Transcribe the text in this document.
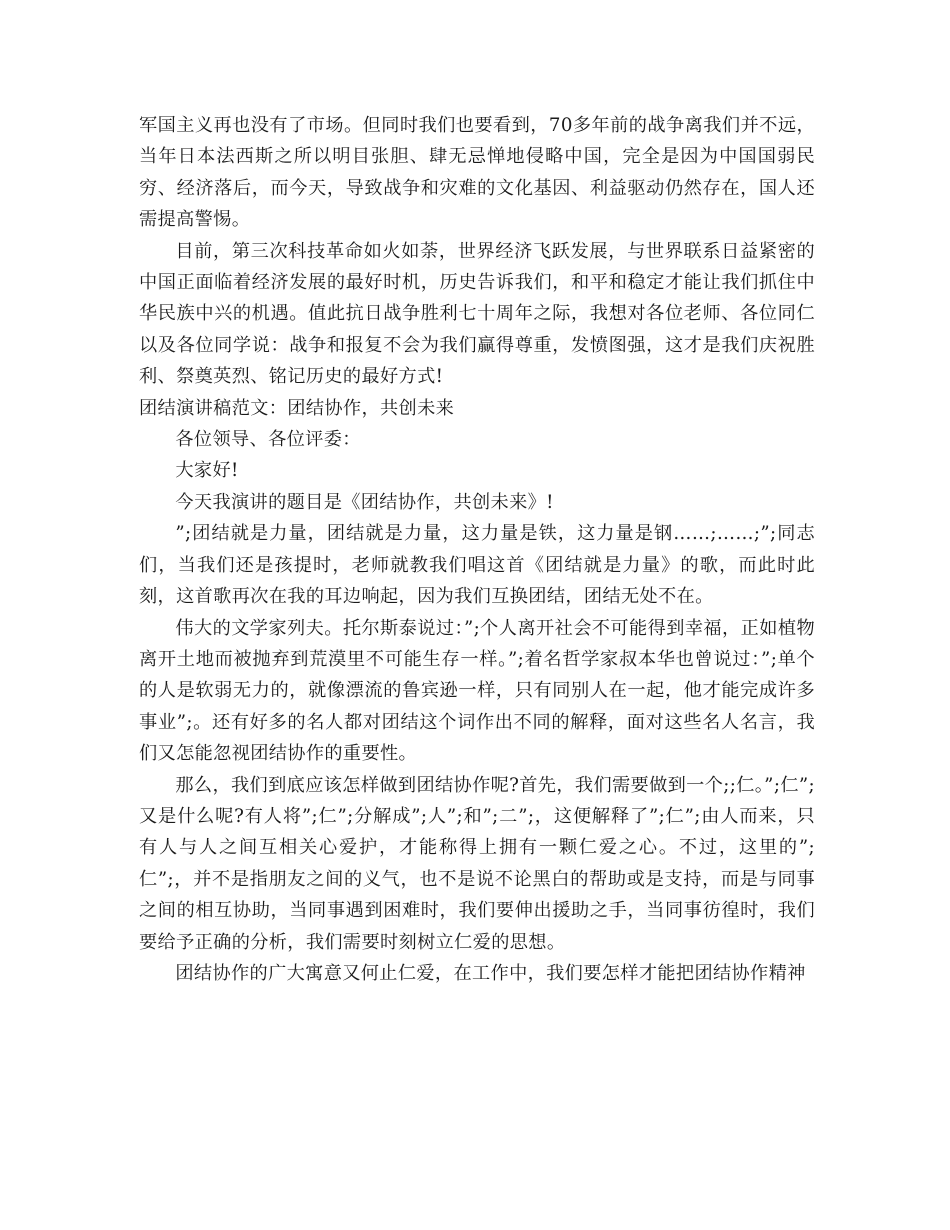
军国主义再也没有了市场。但同时我们也要看到，70多年前的战争离我们并不远，当年日本法西斯之所以明目张胆、肆无忌惮地侵略中国，完全是因为中国国弱民穷、经济落后，而今天，导致战争和灾难的文化基因、利益驱动仍然存在，国人还需提高警惕。

目前，第三次科技革命如火如荼，世界经济飞跃发展，与世界联系日益紧密的中国正面临着经济发展的最好时机，历史告诉我们，和平和稳定才能让我们抓住中华民族中兴的机遇。值此抗日战争胜利七十周年之际，我想对各位老师、各位同仁以及各位同学说：战争和报复不会为我们赢得尊重，发愤图强，这才是我们庆祝胜利、祭奠英烈、铭记历史的最好方式!

团结演讲稿范文：团结协作，共创未来

各位领导、各位评委：

大家好!

今天我演讲的题目是《团结协作，共创未来》!

”;团结就是力量，团结就是力量，这力量是铁，这力量是钢……;……;”;同志们，当我们还是孩提时，老师就教我们唱这首《团结就是力量》的歌，而此时此刻，这首歌再次在我的耳边响起，因为我们互换团结，团结无处不在。

伟大的文学家列夫。托尔斯泰说过：”;个人离开社会不可能得到幸福，正如植物离开土地而被抛弃到荒漠里不可能生存一样。”;着名哲学家叔本华也曾说过：”;单个的人是软弱无力的，就像漂流的鲁宾逊一样，只有同别人在一起，他才能完成许多事业”;。还有好多的名人都对团结这个词作出不同的解释，面对这些名人名言，我们又怎能忽视团结协作的重要性。

那么，我们到底应该怎样做到团结协作呢?首先，我们需要做到一个;;仁。”;仁”;又是什么呢?有人将”;仁”;分解成”;人”;和”;二”;，这便解释了”;仁”;由人而来，只有人与人之间互相关心爱护，才能称得上拥有一颗仁爱之心。不过，这里的”;仁”;，并不是指朋友之间的义气，也不是说不论黑白的帮助或是支持，而是与同事之间的相互协助，当同事遇到困难时，我们要伸出援助之手，当同事彷徨时，我们要给予正确的分析，我们需要时刻树立仁爱的思想。

团结协作的广大寓意又何止仁爱，在工作中，我们要怎样才能把团结协作精神
